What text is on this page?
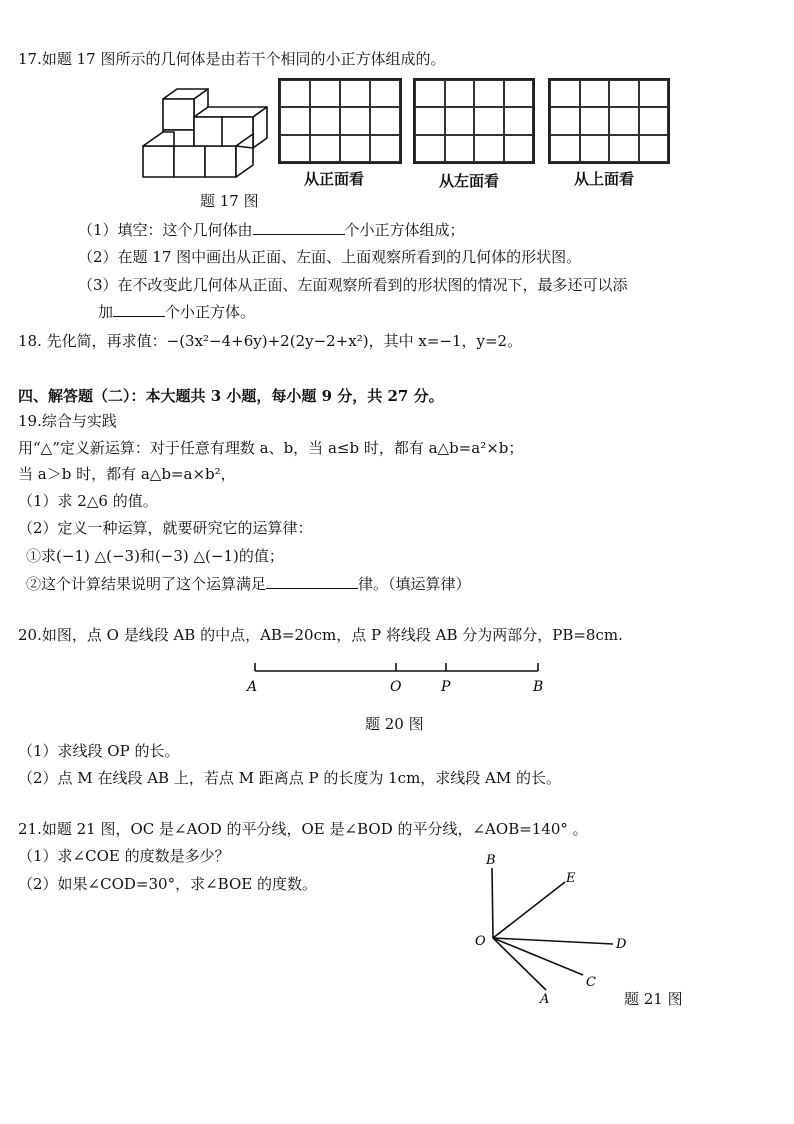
17.如题 17 图所示的几何体是由若干个相同的小正方体组成的。
从正面看	从左面看	从上面看
题 17 图
（1）填空：这个几何体由	个小正方体组成；
（2）在题 17 图中画出从正面、左面、上面观察所看到的几何体的形状图。
（3）在不改变此几何体从正面、左面观察所看到的形状图的情况下，最多还可以添
加	个小正方体。
18. 先化简，再求值：−(3x²−4+6y)+2(2y−2+x²)，其中 x=−1，y=2。
四、解答题（二）：本大题共 3 小题，每小题 9 分，共 27 分。
19.综合与实践
用“△”定义新运算：对于任意有理数 a、b，当 a≤b 时，都有 a△b=a²×b；
当 a＞b 时，都有 a△b=a×b²，
（1）求 2△6 的值。
（2）定义一种运算，就要研究它的运算律：
①求(−1) △(−3)和(−3) △(−1)的值；
②这个计算结果说明了这个运算满足	律。（填运算律）
20.如图，点 O 是线段 AB 的中点，AB=20cm，点 P 将线段 AB 分为两部分，PB=8cm.
A	O	P	B
题 20 图
（1）求线段 OP 的长。
（2）点 M 在线段 AB 上，若点 M 距离点 P 的长度为 1cm，求线段 AM 的长。
21.如题 21 图，OC 是∠AOD 的平分线，OE 是∠BOD 的平分线，∠AOB=140° 。
（1）求∠COE 的度数是多少？
（2）如果∠COD=30°，求∠BOE 的度数。
B
E
O	D
C
A	题 21 图
